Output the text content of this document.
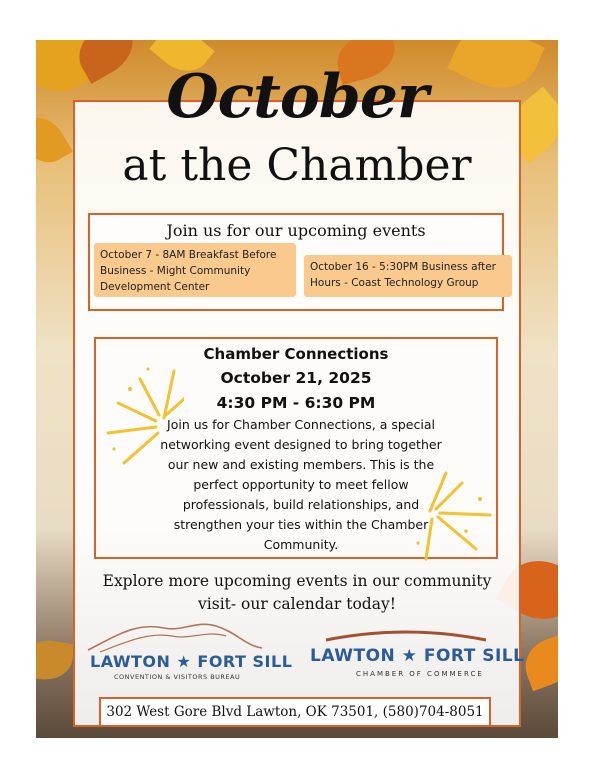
October
at the Chamber
Join us for our upcoming events
October 7 - 8AM Breakfast Before Business - Might Community Development Center
October 16 - 5:30PM Business after Hours - Coast Technology Group
Chamber Connections
October 21, 2025
4:30 PM - 6:30 PM
Join us for Chamber Connections, a special networking event designed to bring together our new and existing members. This is the perfect opportunity to meet fellow professionals, build relationships, and strengthen your ties within the Chamber Community.
Explore more upcoming events in our community
visit- our calendar today!
LAWTON ★ FORT SILL
CONVENTION & VISITORS BUREAU
LAWTON ★ FORT SILL
CHAMBER OF COMMERCE
302 West Gore Blvd Lawton, OK 73501, (580)704-8051
